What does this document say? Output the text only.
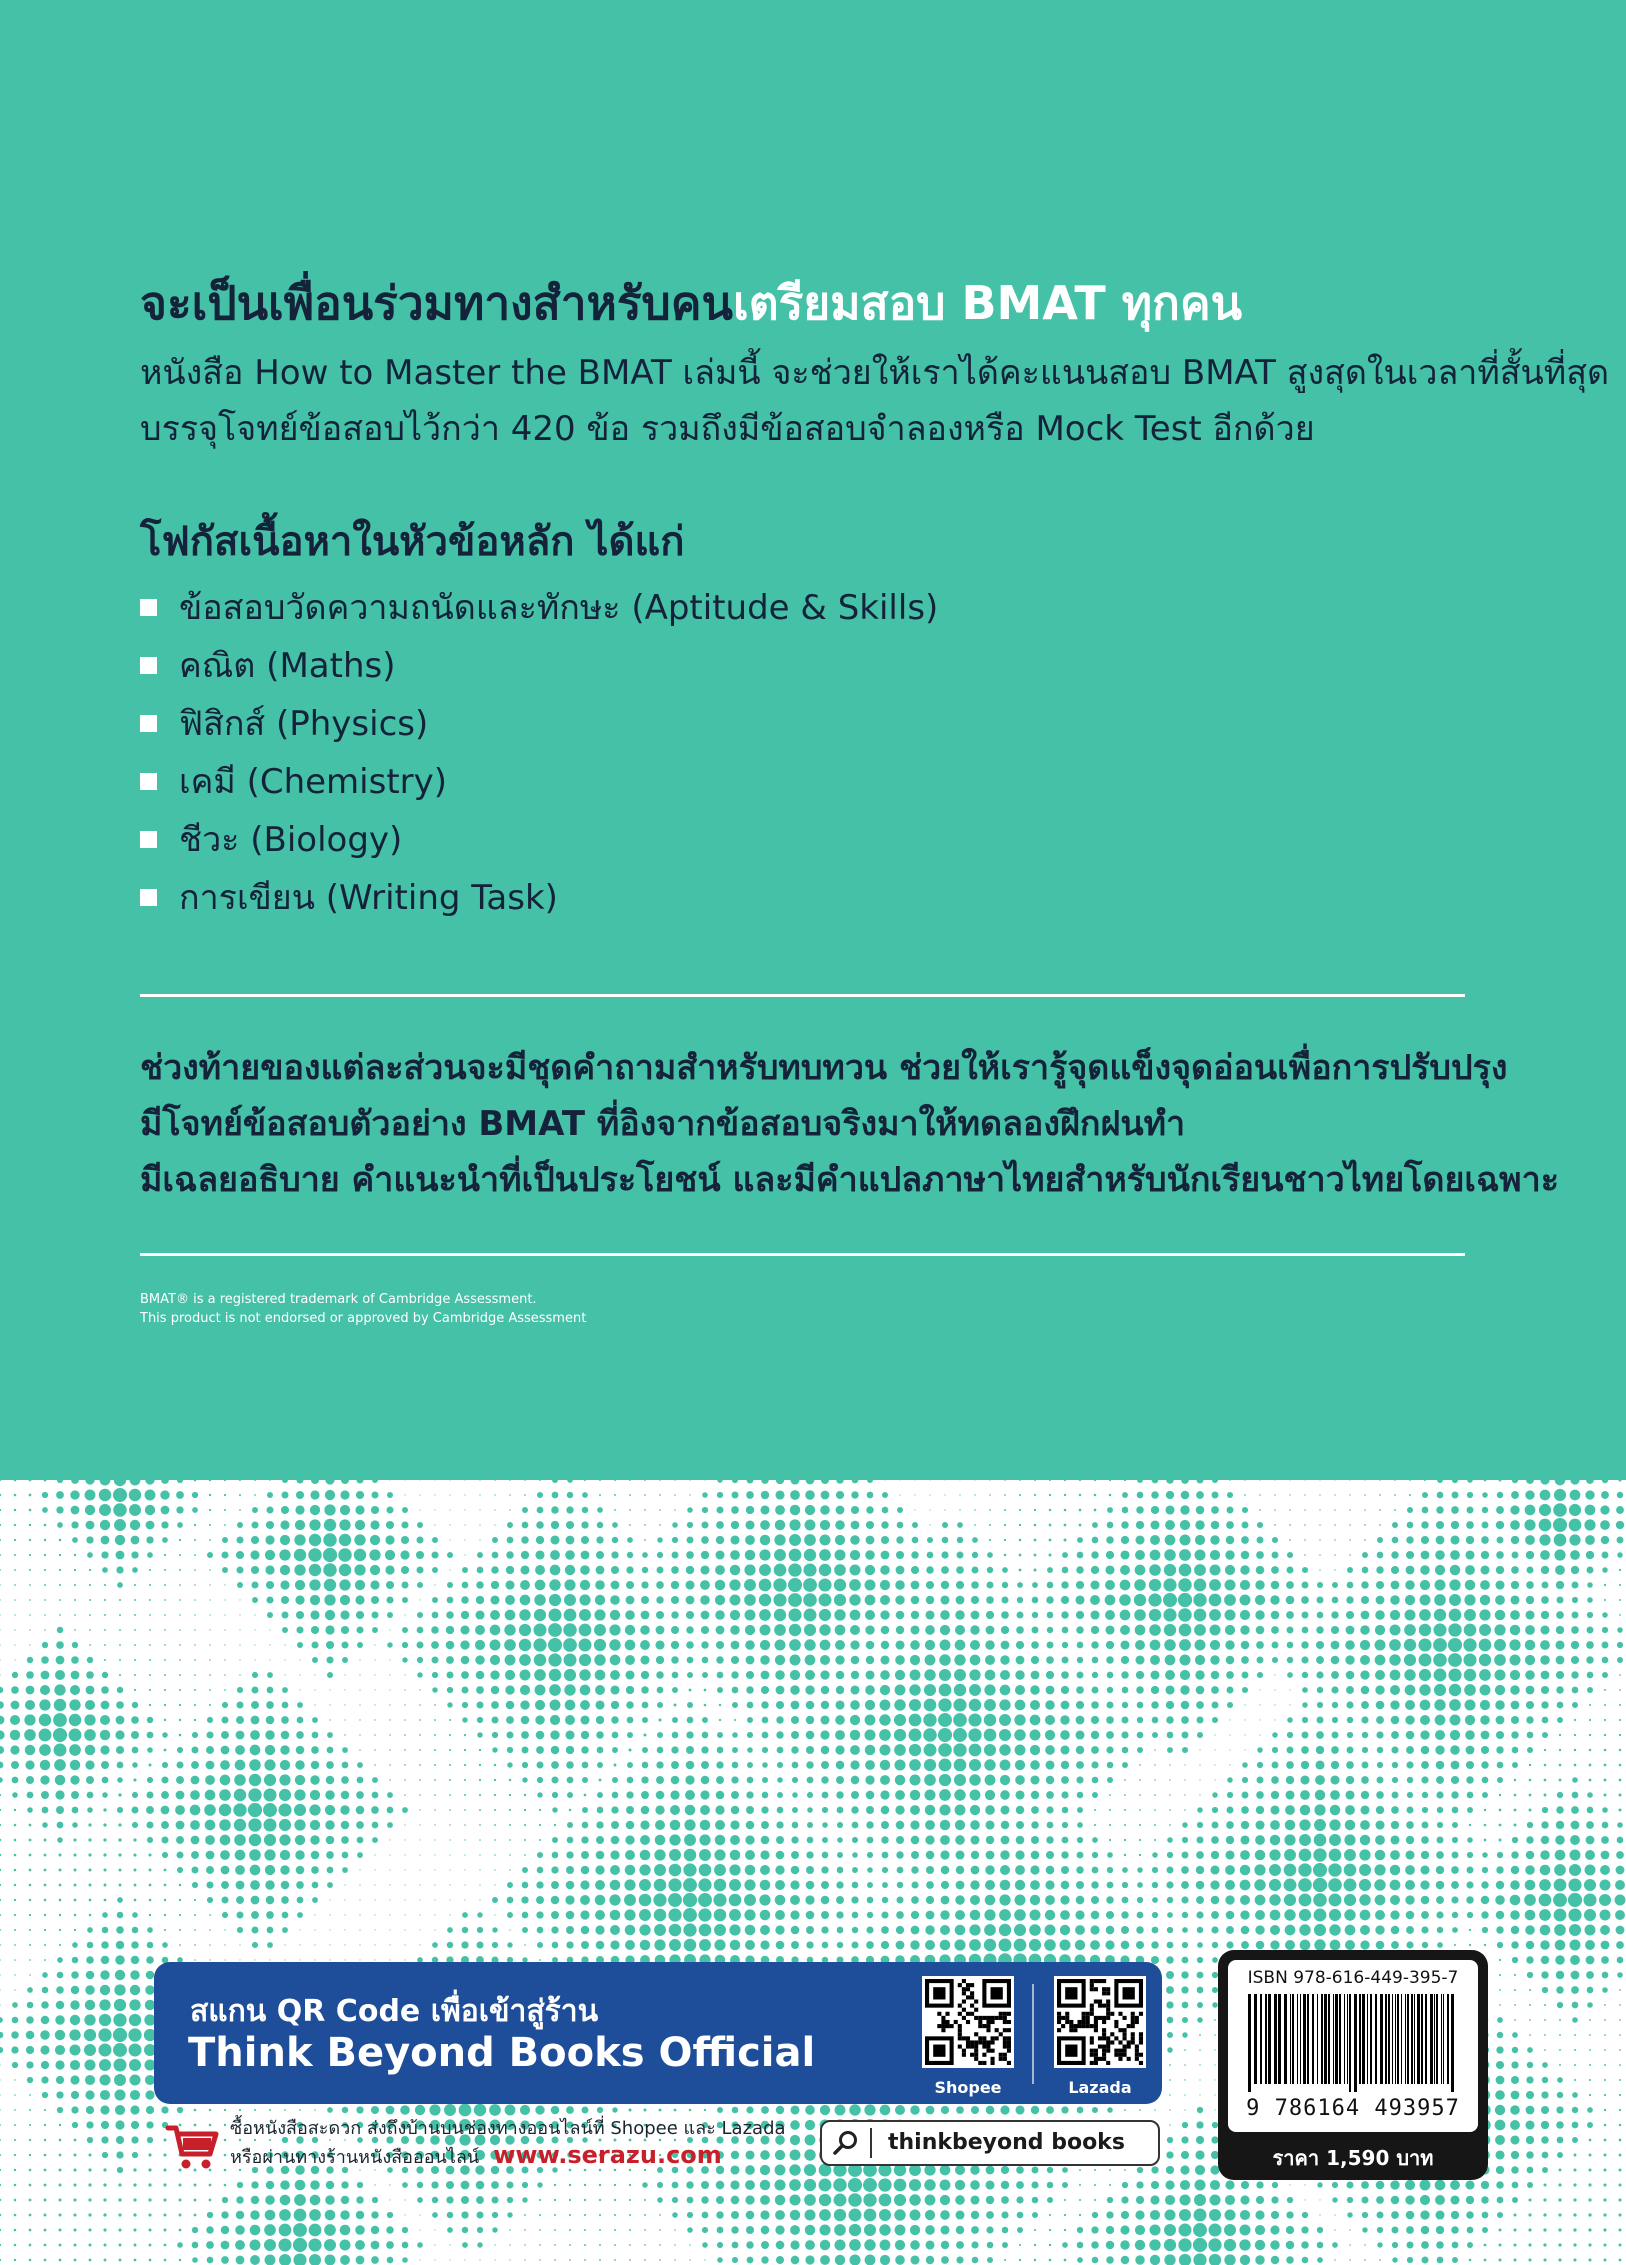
จะเป็นเพื่อนร่วมทางสำหรับคนเตรียมสอบ BMAT ทุกคน

หนังสือ How to Master the BMAT เล่มนี้ จะช่วยให้เราได้คะแนนสอบ BMAT สูงสุดในเวลาที่สั้นที่สุด

บรรจุโจทย์ข้อสอบไว้กว่า 420 ข้อ รวมถึงมีข้อสอบจำลองหรือ Mock Test อีกด้วย

โฟกัสเนื้อหาในหัวข้อหลัก ได้แก่
ข้อสอบวัดความถนัดและทักษะ (Aptitude & Skills)
คณิต (Maths)
ฟิสิกส์ (Physics)
เคมี (Chemistry)
ชีวะ (Biology)
การเขียน (Writing Task)

ช่วงท้ายของแต่ละส่วนจะมีชุดคำถามสำหรับทบทวน ช่วยให้เรารู้จุดแข็งจุดอ่อนเพื่อการปรับปรุง

มีโจทย์ข้อสอบตัวอย่าง BMAT ที่อิงจากข้อสอบจริงมาให้ทดลองฝึกฝนทำ

มีเฉลยอธิบาย คำแนะนำที่เป็นประโยชน์ และมีคำแปลภาษาไทยสำหรับนักเรียนชาวไทยโดยเฉพาะ

BMAT® is a registered trademark of Cambridge Assessment.

This product is not endorsed or approved by Cambridge Assessment

สแกน QR Code เพื่อเข้าสู่ร้าน
Think Beyond Books Official
Shopee	Lazada

ซื้อหนังสือสะดวก ส่งถึงบ้านบนช่องทางออนไลน์ที่ Shopee และ Lazada

หรือผ่านทางร้านหนังสือออนไลน์ www.serazu.com	thinkbeyond books
ISBN 978-616-449-395-7
9 786164 493957
ราคา 1,590 บาท
